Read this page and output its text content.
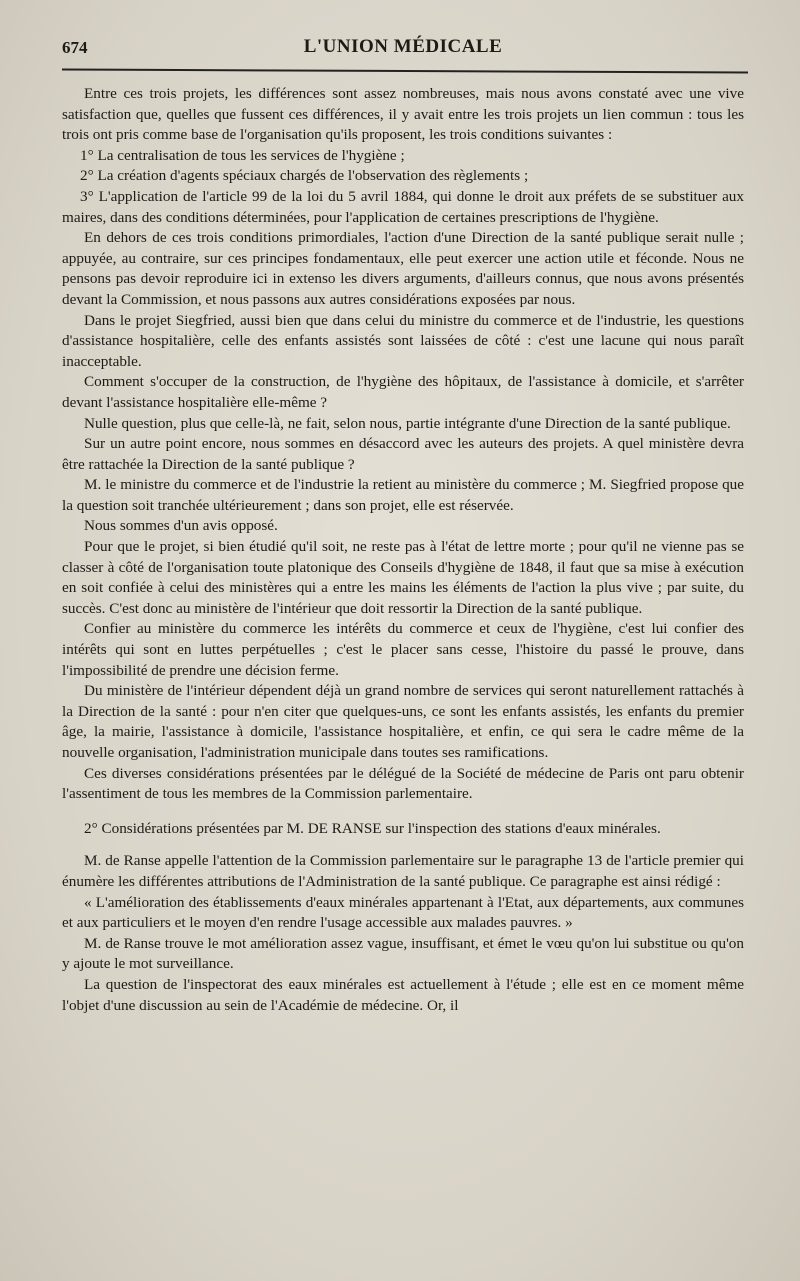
674	L'UNION MÉDICALE

Entre ces trois projets, les différences sont assez nombreuses, mais nous avons constaté avec une vive satisfaction que, quelles que fussent ces différences, il y avait entre les trois projets un lien commun : tous les trois ont pris comme base de l'organisation qu'ils proposent, les trois conditions suivantes :

1° La centralisation de tous les services de l'hygiène ;

2° La création d'agents spéciaux chargés de l'observation des règlements ;

3° L'application de l'article 99 de la loi du 5 avril 1884, qui donne le droit aux préfets de se substituer aux maires, dans des conditions déterminées, pour l'application de certaines prescriptions de l'hygiène.

En dehors de ces trois conditions primordiales, l'action d'une Direction de la santé publique serait nulle ; appuyée, au contraire, sur ces principes fondamentaux, elle peut exercer une action utile et féconde. Nous ne pensons pas devoir reproduire ici in extenso les divers arguments, d'ailleurs connus, que nous avons présentés devant la Commission, et nous passons aux autres considérations exposées par nous.

Dans le projet Siegfried, aussi bien que dans celui du ministre du commerce et de l'industrie, les questions d'assistance hospitalière, celle des enfants assistés sont laissées de côté : c'est une lacune qui nous paraît inacceptable.

Comment s'occuper de la construction, de l'hygiène des hôpitaux, de l'assistance à domicile, et s'arrêter devant l'assistance hospitalière elle-même ?

Nulle question, plus que celle-là, ne fait, selon nous, partie intégrante d'une Direction de la santé publique.

Sur un autre point encore, nous sommes en désaccord avec les auteurs des projets. A quel ministère devra être rattachée la Direction de la santé publique ?

M. le ministre du commerce et de l'industrie la retient au ministère du commerce ; M. Siegfried propose que la question soit tranchée ultérieurement ; dans son projet, elle est réservée.

Nous sommes d'un avis opposé.

Pour que le projet, si bien étudié qu'il soit, ne reste pas à l'état de lettre morte ; pour qu'il ne vienne pas se classer à côté de l'organisation toute platonique des Conseils d'hygiène de 1848, il faut que sa mise à exécution en soit confiée à celui des ministères qui a entre les mains les éléments de l'action la plus vive ; par suite, du succès. C'est donc au ministère de l'intérieur que doit ressortir la Direction de la santé publique.

Confier au ministère du commerce les intérêts du commerce et ceux de l'hygiène, c'est lui confier des intérêts qui sont en luttes perpétuelles ; c'est le placer sans cesse, l'histoire du passé le prouve, dans l'impossibilité de prendre une décision ferme.

Du ministère de l'intérieur dépendent déjà un grand nombre de services qui seront naturellement rattachés à la Direction de la santé : pour n'en citer que quelques-uns, ce sont les enfants assistés, les enfants du premier âge, la mairie, l'assistance à domicile, l'assistance hospitalière, et enfin, ce qui sera le cadre même de la nouvelle organisation, l'administration municipale dans toutes ses ramifications.

Ces diverses considérations présentées par le délégué de la Société de médecine de Paris ont paru obtenir l'assentiment de tous les membres de la Commission parlementaire.

2° Considérations présentées par M. DE RANSE sur l'inspection des stations d'eaux minérales.

M. de Ranse appelle l'attention de la Commission parlementaire sur le paragraphe 13 de l'article premier qui énumère les différentes attributions de l'Administration de la santé publique. Ce paragraphe est ainsi rédigé :

« L'amélioration des établissements d'eaux minérales appartenant à l'Etat, aux départements, aux communes et aux particuliers et le moyen d'en rendre l'usage accessible aux malades pauvres. »

M. de Ranse trouve le mot amélioration assez vague, insuffisant, et émet le vœu qu'on lui substitue ou qu'on y ajoute le mot surveillance.

La question de l'inspectorat des eaux minérales est actuellement à l'étude ; elle est en ce moment même l'objet d'une discussion au sein de l'Académie de médecine. Or, il
